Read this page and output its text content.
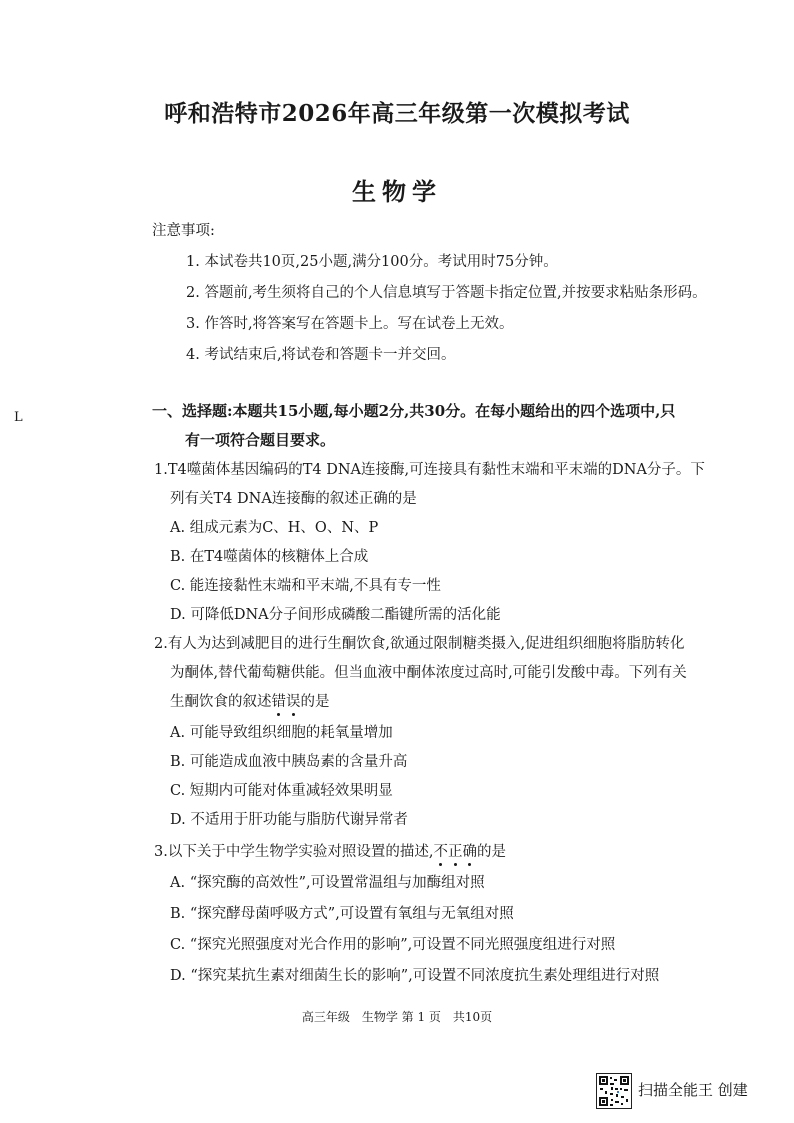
呼和浩特市2026年高三年级第一次模拟考试
生物学
注意事项:
1. 本试卷共10页,25小题,满分100分。考试用时75分钟。
2. 答题前,考生须将自己的个人信息填写于答题卡指定位置,并按要求粘贴条形码。
3. 作答时,将答案写在答题卡上。写在试卷上无效。
4. 考试结束后,将试卷和答题卡一并交回。
L	一、选择题:本题共15小题,每小题2分,共30分。在每小题给出的四个选项中,只
有一项符合题目要求。
1.T4噬菌体基因编码的T4 DNA连接酶,可连接具有黏性末端和平末端的DNA分子。下
列有关T4 DNA连接酶的叙述正确的是
A. 组成元素为C、H、O、N、P
B. 在T4噬菌体的核糖体上合成
C. 能连接黏性末端和平末端,不具有专一性
D. 可降低DNA分子间形成磷酸二酯键所需的活化能
2.有人为达到减肥目的进行生酮饮食,欲通过限制糖类摄入,促进组织细胞将脂肪转化
为酮体,替代葡萄糖供能。但当血液中酮体浓度过高时,可能引发酸中毒。下列有关
生酮饮食的叙述错误的是
A. 可能导致组织细胞的耗氧量增加
B. 可能造成血液中胰岛素的含量升高
C. 短期内可能对体重减轻效果明显
D. 不适用于肝功能与脂肪代谢异常者
3.以下关于中学生物学实验对照设置的描述,不正确的是
A. “探究酶的高效性”,可设置常温组与加酶组对照
B. “探究酵母菌呼吸方式”,可设置有氧组与无氧组对照
C. “探究光照强度对光合作用的影响”,可设置不同光照强度组进行对照
D. “探究某抗生素对细菌生长的影响”,可设置不同浓度抗生素处理组进行对照
高三年级　生物学 第 1 页　共10页
扫描全能王 创建
